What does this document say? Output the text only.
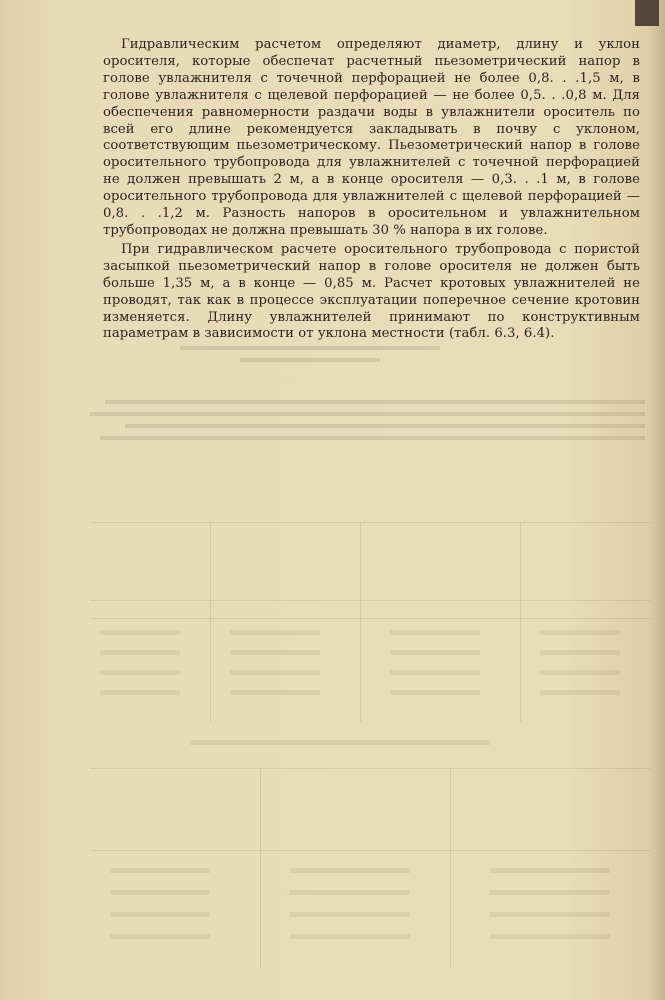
Гидравлическим расчетом определяют диаметр, длину и уклон оросителя, которые обеспечат расчетный пьезометрический напор в голове увлажнителя с точечной перфорацией не более 0,8. . .1,5 м, в голове увлажнителя с щелевой перфорацией — не более 0,5. . .0,8 м. Для обеспечения равномерности раздачи воды в увлажнители ороситель по всей его длине рекомендуется закладывать в почву с уклоном, соответствующим пьезометрическому. Пьезометрический напор в голове оросительного трубопровода для увлажнителей с точечной перфорацией не должен превышать 2 м, а в конце оросителя — 0,3. . .1 м, в голове оросительного трубопровода для увлажнителей с щелевой перфорацией — 0,8. . .1,2 м. Разность напоров в оросительном и увлажнительном трубопроводах не должна превышать 30 % напора в их голове.

При гидравлическом расчете оросительного трубопровода с пористой засыпкой пьезометрический напор в голове оросителя не должен быть больше 1,35 м, а в конце — 0,85 м. Расчет кротовых увлажнителей не проводят, так как в процессе эксплуатации поперечное сечение кротовин изменяется. Длину увлажнителей принимают по конструктивным параметрам в зависимости от уклона местности (табл. 6.3, 6.4).
